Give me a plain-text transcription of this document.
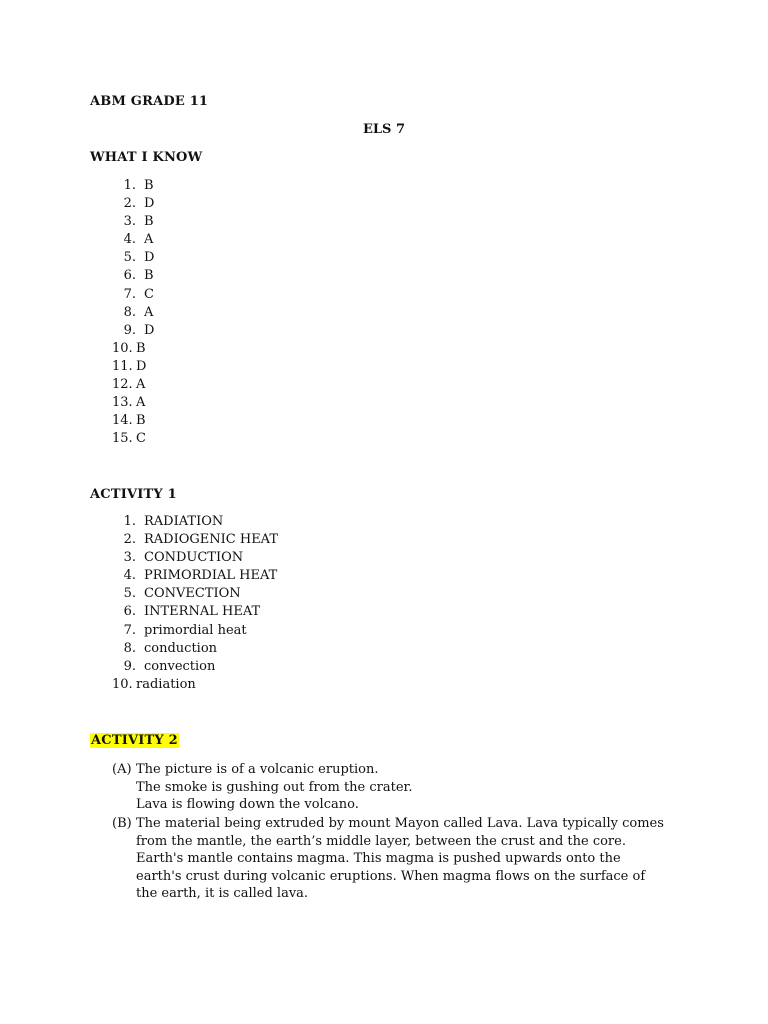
ABM GRADE 11
ELS 7
WHAT I KNOW
1. B
2. D
3. B
4. A
5. D
6. B
7. C
8. A
9. D
10. B
11. D
12. A
13. A
14. B
15. C
ACTIVITY 1
1. RADIATION
2. RADIOGENIC HEAT
3. CONDUCTION
4. PRIMORDIAL HEAT
5. CONVECTION
6. INTERNAL HEAT
7. primordial heat
8. conduction
9. convection
10. radiation
ACTIVITY 2
(A) The picture is of a volcanic eruption.
The smoke is gushing out from the crater.
Lava is flowing down the volcano.
(B) The material being extruded by mount Mayon called Lava. Lava typically comes
from the mantle, the earth’s middle layer, between the crust and the core.
Earth's mantle contains magma. This magma is pushed upwards onto the
earth's crust during volcanic eruptions. When magma flows on the surface of
the earth, it is called lava.
